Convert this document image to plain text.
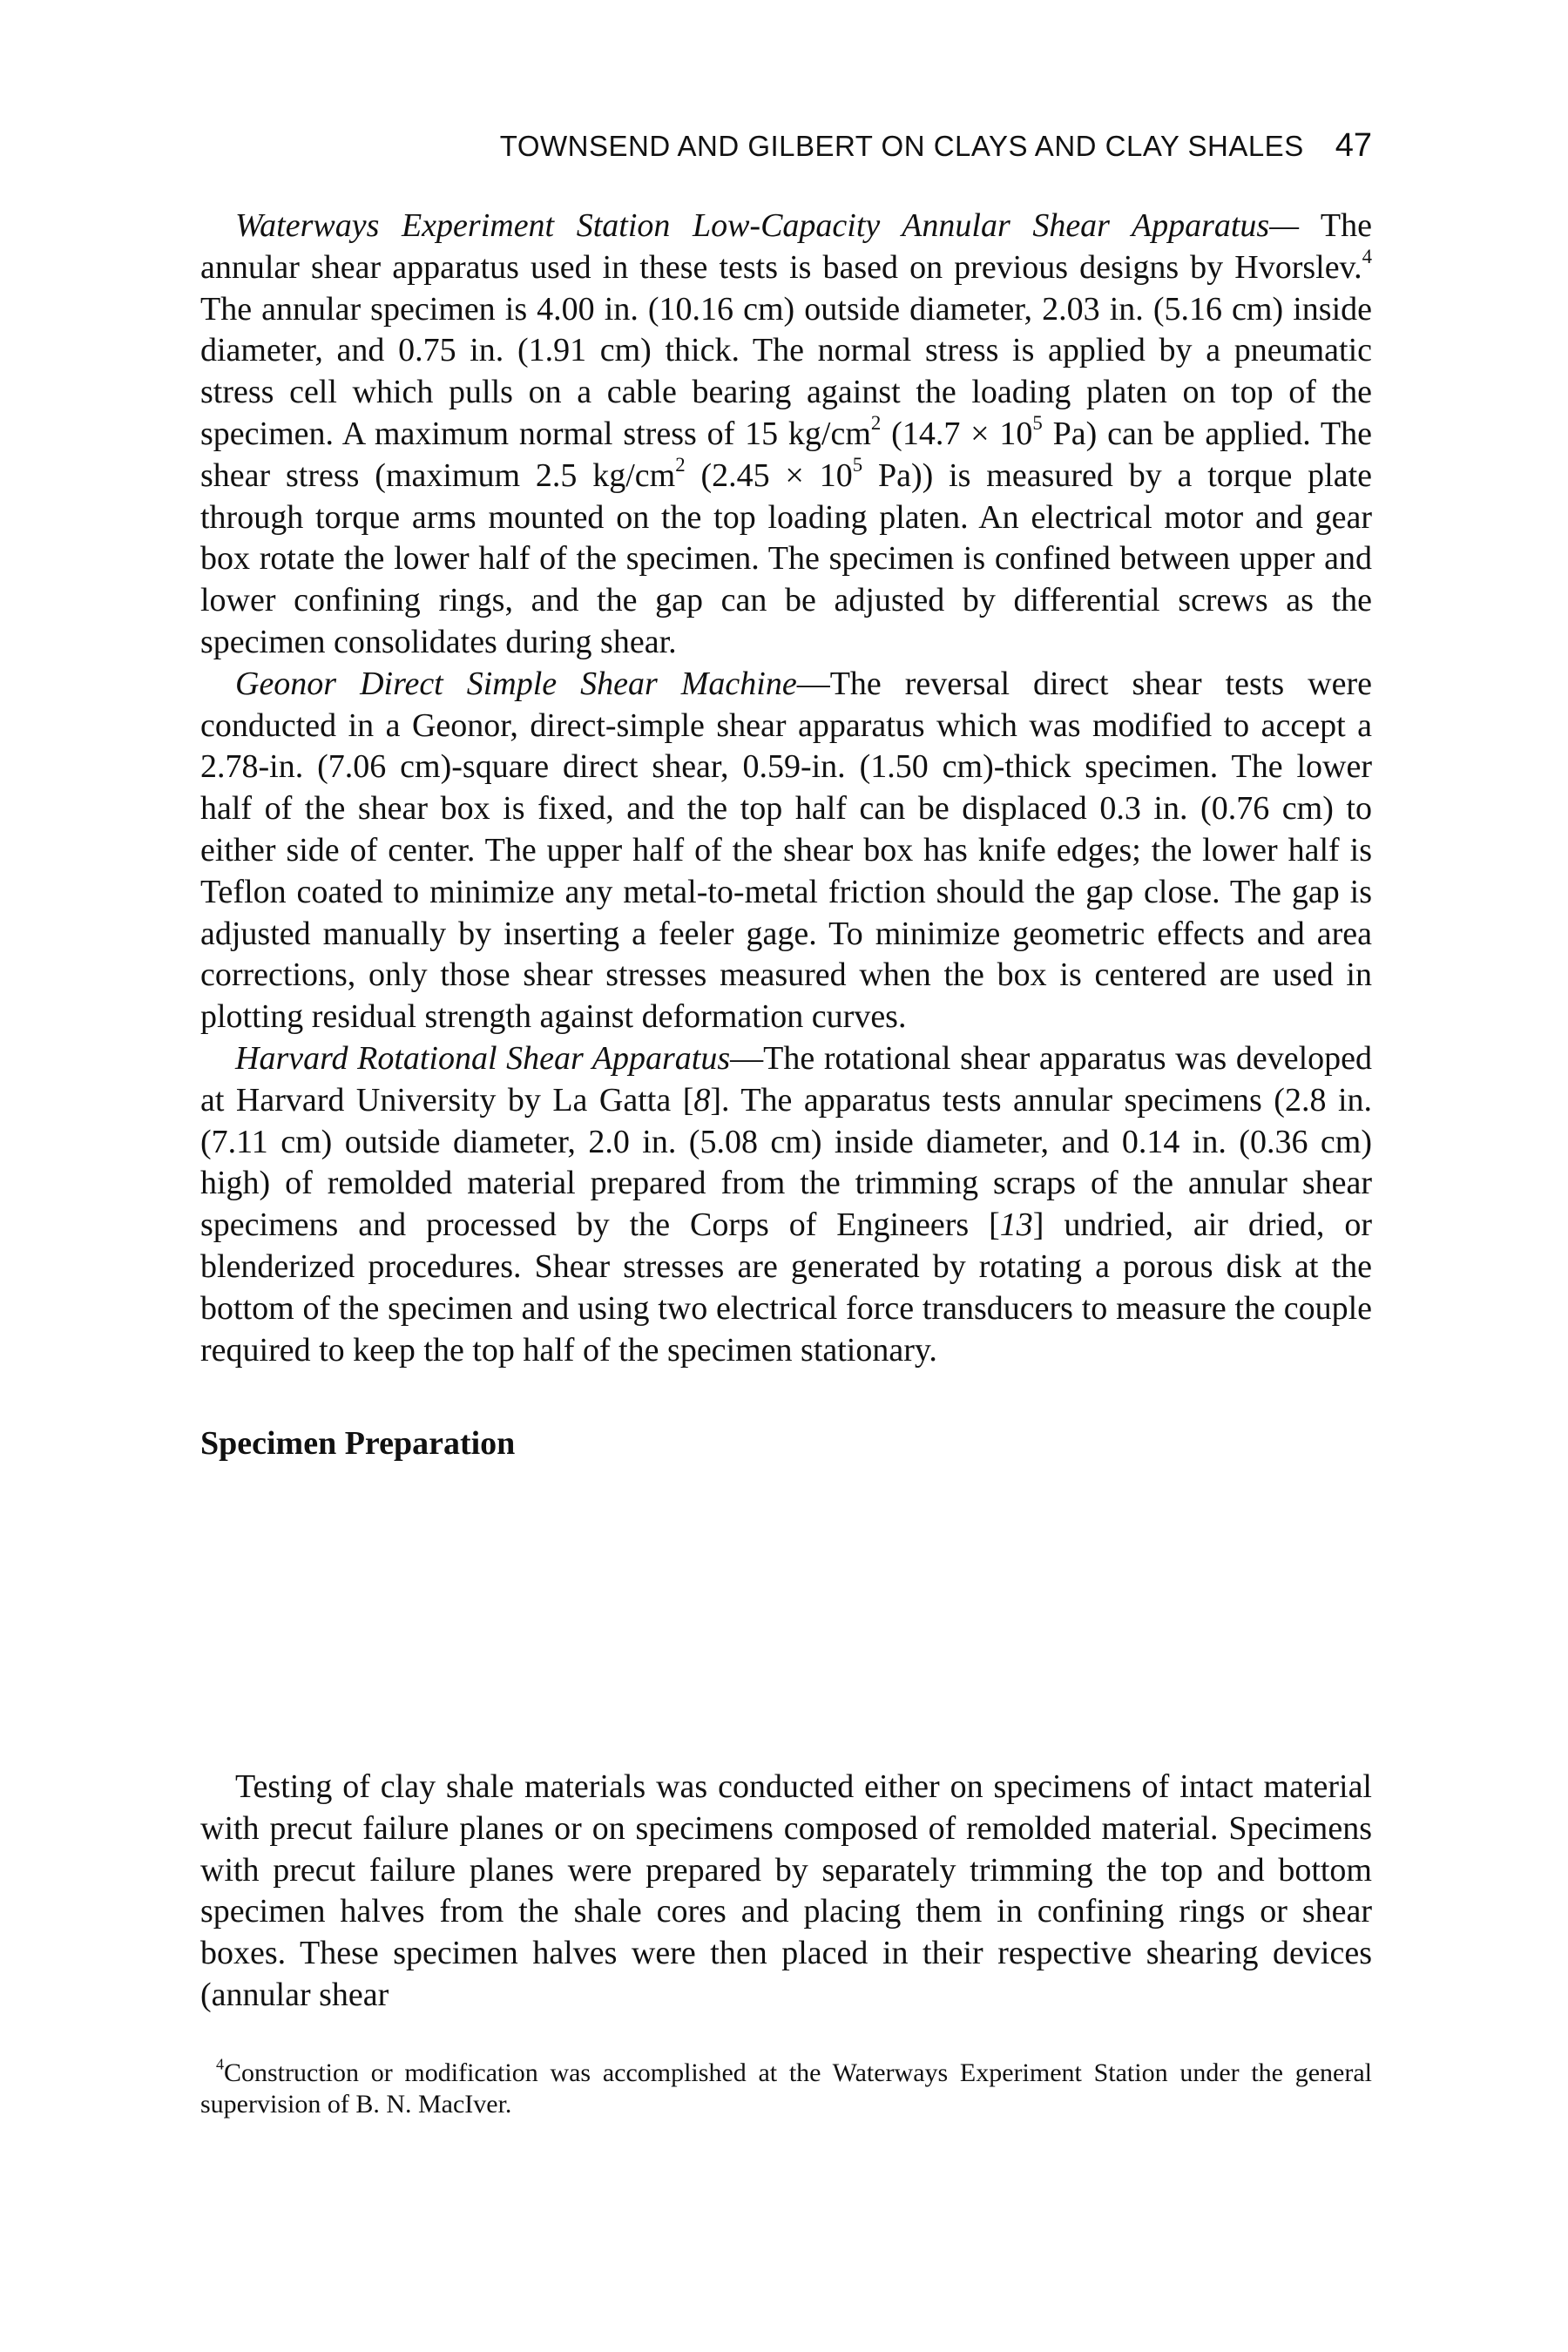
TOWNSEND AND GILBERT ON CLAYS AND CLAY SHALES 47

Waterways Experiment Station Low-Capacity Annular Shear Apparatus— The annular shear apparatus used in these tests is based on previous designs by Hvorslev.$^4$ The annular specimen is 4.00 in. (10.16 cm) outside diameter, 2.03 in. (5.16 cm) inside diameter, and 0.75 in. (1.91 cm) thick. The normal stress is applied by a pneumatic stress cell which pulls on a cable bearing against the loading platen on top of the specimen. A maximum normal stress of 15 $kg/cm^2$ ($14.7 \times 10^5$ Pa) can be applied. The shear stress (maximum 2.5 $kg/cm^2$ ($2.45 \times 10^5$ Pa)) is measured by a torque plate through torque arms mounted on the top loading platen. An electrical motor and gear box rotate the lower half of the specimen. The specimen is confined between upper and lower confining rings, and the gap can be adjusted by differential screws as the specimen consolidates during shear.

Geonor Direct Simple Shear Machine—The reversal direct shear tests were conducted in a Geonor, direct-simple shear apparatus which was modified to accept a 2.78-in. (7.06 cm)-square direct shear, 0.59-in. (1.50 cm)-thick specimen. The lower half of the shear box is fixed, and the top half can be displaced 0.3 in. (0.76 cm) to either side of center. The upper half of the shear box has knife edges; the lower half is Teflon coated to minimize any metal-to-metal friction should the gap close. The gap is adjusted manually by inserting a feeler gage. To minimize geometric effects and area corrections, only those shear stresses measured when the box is centered are used in plotting residual strength against deformation curves.

Harvard Rotational Shear Apparatus—The rotational shear apparatus was developed at Harvard University by La Gatta [8]. The apparatus tests annular specimens (2.8 in. (7.11 cm) outside diameter, 2.0 in. (5.08 cm) inside diameter, and 0.14 in. (0.36 cm) high) of remolded material prepared from the trimming scraps of the annular shear specimens and processed by the Corps of Engineers [13] undried, air dried, or blenderized procedures. Shear stresses are generated by rotating a porous disk at the bottom of the specimen and using two electrical force transducers to measure the couple required to keep the top half of the specimen stationary.

Specimen Preparation

Testing of clay shale materials was conducted either on specimens of intact material with precut failure planes or on specimens composed of remolded material. Specimens with precut failure planes were prepared by separately trimming the top and bottom specimen halves from the shale cores and placing them in confining rings or shear boxes. These specimen halves were then placed in their respective shearing devices (annular shear

$^4$Construction or modification was accomplished at the Waterways Experiment Station under the general supervision of B. N. MacIver.
